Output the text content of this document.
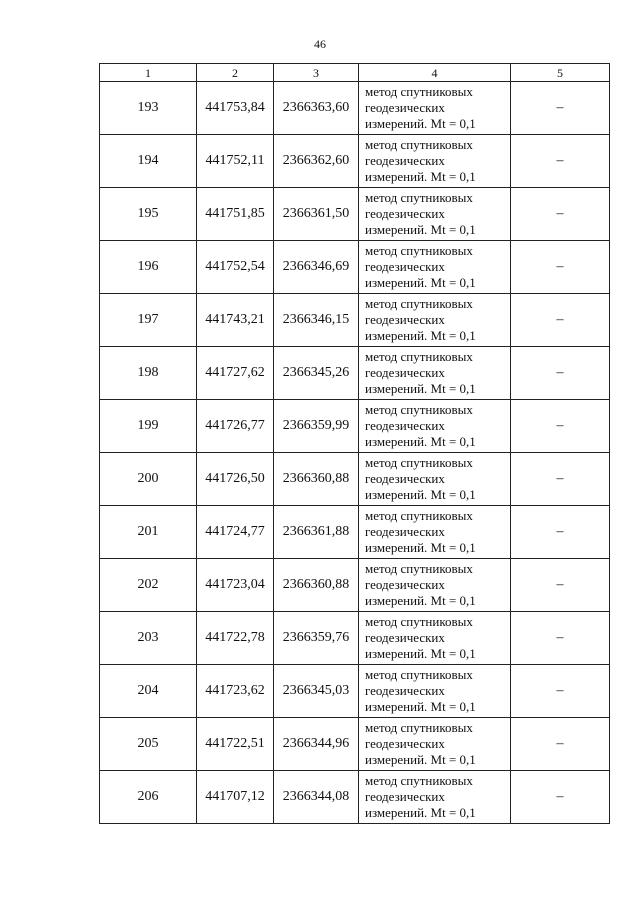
46
1	2	3	4	5
193	441753,84	2366363,60	метод спутниковых
геодезических
измерений. Mt = 0,1	–
194	441752,11	2366362,60	метод спутниковых
геодезических
измерений. Mt = 0,1	–
195	441751,85	2366361,50	метод спутниковых
геодезических
измерений. Mt = 0,1	–
196	441752,54	2366346,69	метод спутниковых
геодезических
измерений. Mt = 0,1	–
197	441743,21	2366346,15	метод спутниковых
геодезических
измерений. Mt = 0,1	–
198	441727,62	2366345,26	метод спутниковых
геодезических
измерений. Mt = 0,1	–
199	441726,77	2366359,99	метод спутниковых
геодезических
измерений. Mt = 0,1	–
200	441726,50	2366360,88	метод спутниковых
геодезических
измерений. Mt = 0,1	–
201	441724,77	2366361,88	метод спутниковых
геодезических
измерений. Mt = 0,1	–
202	441723,04	2366360,88	метод спутниковых
геодезических
измерений. Mt = 0,1	–
203	441722,78	2366359,76	метод спутниковых
геодезических
измерений. Mt = 0,1	–
204	441723,62	2366345,03	метод спутниковых
геодезических
измерений. Mt = 0,1	–
205	441722,51	2366344,96	метод спутниковых
геодезических
измерений. Mt = 0,1	–
206	441707,12	2366344,08	метод спутниковых
геодезических
измерений. Mt = 0,1	–
